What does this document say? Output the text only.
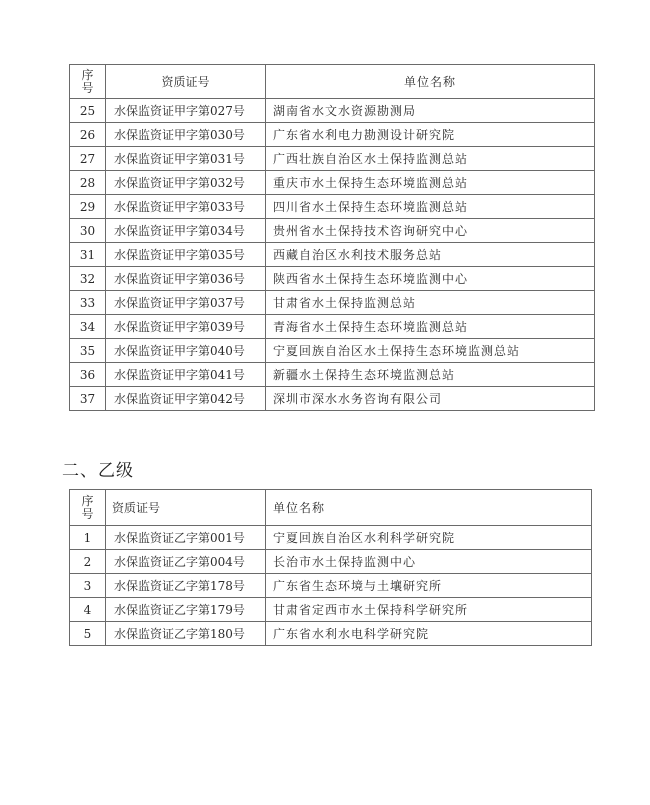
序号	资质证号	单位名称
25	水保监资证甲字第027号	湖南省水文水资源勘测局
26	水保监资证甲字第030号	广东省水利电力勘测设计研究院
27	水保监资证甲字第031号	广西壮族自治区水土保持监测总站
28	水保监资证甲字第032号	重庆市水土保持生态环境监测总站
29	水保监资证甲字第033号	四川省水土保持生态环境监测总站
30	水保监资证甲字第034号	贵州省水土保持技术咨询研究中心
31	水保监资证甲字第035号	西藏自治区水利技术服务总站
32	水保监资证甲字第036号	陕西省水土保持生态环境监测中心
33	水保监资证甲字第037号	甘肃省水土保持监测总站
34	水保监资证甲字第039号	青海省水土保持生态环境监测总站
35	水保监资证甲字第040号	宁夏回族自治区水土保持生态环境监测总站
36	水保监资证甲字第041号	新疆水土保持生态环境监测总站
37	水保监资证甲字第042号	深圳市深水水务咨询有限公司
二、乙级
序号	资质证号	单位名称
1	水保监资证乙字第001号	宁夏回族自治区水利科学研究院
2	水保监资证乙字第004号	长治市水土保持监测中心
3	水保监资证乙字第178号	广东省生态环境与土壤研究所
4	水保监资证乙字第179号	甘肃省定西市水土保持科学研究所
5	水保监资证乙字第180号	广东省水利水电科学研究院
